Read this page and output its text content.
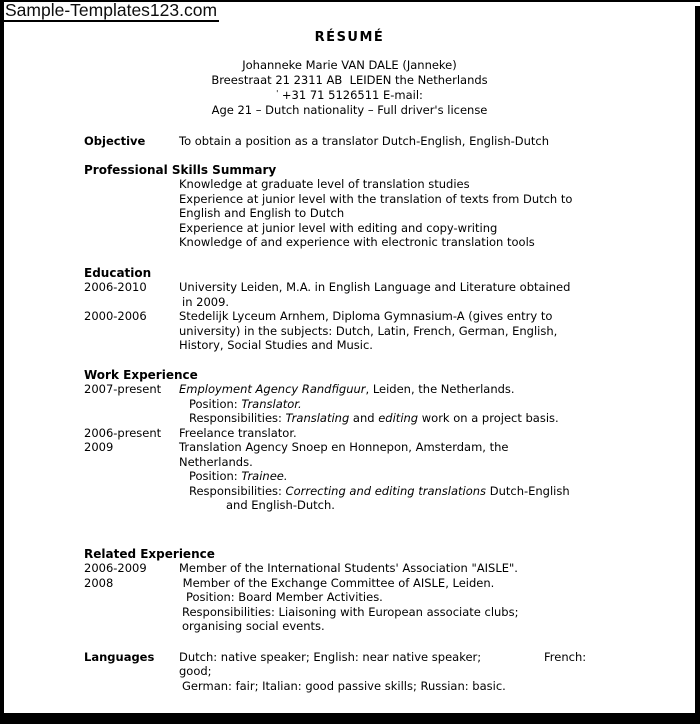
Sample-Templates123.com
RÉSUMÉ
Johanneke Marie VAN DALE (Janneke)
Breestraat 21 2311 AB  LEIDEN the Netherlands
' +31 71 5126511 E-mail:
Age 21 – Dutch nationality – Full driver's license
Objective	To obtain a position as a translator Dutch-English, English-Dutch
Professional Skills Summary
Knowledge at graduate level of translation studies
Experience at junior level with the translation of texts from Dutch to
English and English to Dutch
Experience at junior level with editing and copy-writing
Knowledge of and experience with electronic translation tools
Education
2006-2010	University Leiden, M.A. in English Language and Literature obtained
in 2009.
2000-2006	Stedelijk Lyceum Arnhem, Diploma Gymnasium-A (gives entry to
university) in the subjects: Dutch, Latin, French, German, English,
History, Social Studies and Music.
Work Experience
2007-present	Employment Agency Randfiguur, Leiden, the Netherlands.
Position: Translator.
Responsibilities: Translating and editing work on a project basis.
2006-present	Freelance translator.
2009	Translation Agency Snoep en Honnepon, Amsterdam, the
Netherlands.
Position: Trainee.
Responsibilities: Correcting and editing translations Dutch-English
and English-Dutch.
Related Experience
2006-2009	Member of the International Students' Association "AISLE".
2008	Member of the Exchange Committee of AISLE, Leiden.
Position: Board Member Activities.
Responsibilities: Liaisoning with European associate clubs;
organising social events.
Languages	Dutch: native speaker; English: near native speaker;	French:
good;
German: fair; Italian: good passive skills; Russian: basic.
